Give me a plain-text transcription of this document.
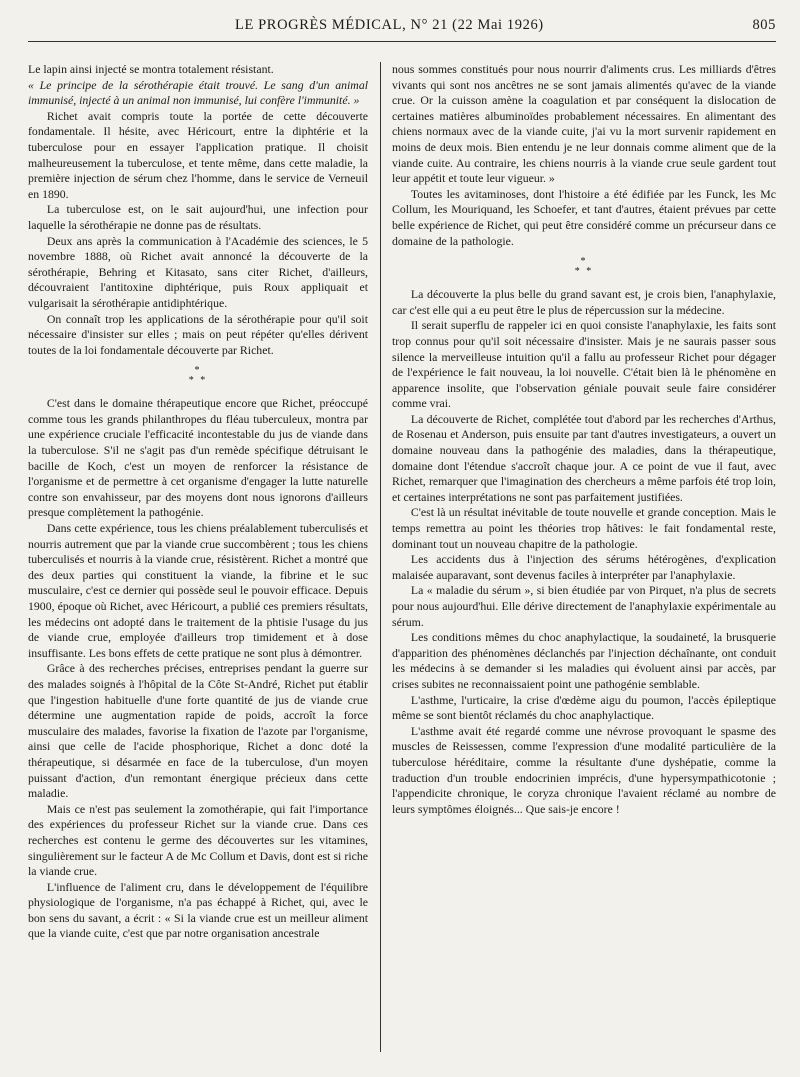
LE PROGRÈS MÉDICAL, N° 21 (22 Mai 1926)	805

Le lapin ainsi injecté se montra totalement résistant.

« Le principe de la sérothérapie était trouvé. Le sang d'un animal immunisé, injecté à un animal non immunisé, lui confère l'immunité. »

Richet avait compris toute la portée de cette découverte fondamentale. Il hésite, avec Héricourt, entre la diphtérie et la tuberculose pour en essayer l'application pratique. Il choisit malheureusement la tuberculose, et tente même, dans cette maladie, la première injection de sérum chez l'homme, dans le service de Verneuil en 1890.

La tuberculose est, on le sait aujourd'hui, une infection pour laquelle la sérothérapie ne donne pas de résultats.

Deux ans après la communication à l'Académie des sciences, le 5 novembre 1888, où Richet avait annoncé la découverte de la sérothérapie, Behring et Kitasato, sans citer Richet, d'ailleurs, découvraient l'antitoxine diphtérique, puis Roux appliquait et vulgarisait la sérothérapie antidiphtérique.

On connaît trop les applications de la sérothérapie pour qu'il soit nécessaire d'insister sur elles ; mais on peut répéter qu'elles dérivent toutes de la loi fondamentale découverte par Richet.

*
* *

C'est dans le domaine thérapeutique encore que Richet, préoccupé comme tous les grands philanthropes du fléau tuberculeux, montra par une expérience cruciale l'efficacité incontestable du jus de viande dans la tuberculose. S'il ne s'agit pas d'un remède spécifique détruisant le bacille de Koch, c'est un moyen de renforcer la résistance de l'organisme et de permettre à cet organisme d'engager la lutte naturelle contre son envahisseur, par des moyens dont nous ignorons d'ailleurs presque complètement la pathogénie.

Dans cette expérience, tous les chiens préalablement tuberculisés et nourris autrement que par la viande crue succombèrent ; tous les chiens tuberculisés et nourris à la viande crue, résistèrent. Richet a montré que des deux parties qui constituent la viande, la fibrine et le suc musculaire, c'est ce dernier qui possède seul le pouvoir efficace. Depuis 1900, époque où Richet, avec Héricourt, a publié ces premiers résultats, les médecins ont adopté dans le traitement de la phtisie l'usage du jus de viande crue, employée d'ailleurs trop timidement et à dose insuffisante. Les bons effets de cette pratique ne sont plus à démontrer.

Grâce à des recherches précises, entreprises pendant la guerre sur des malades soignés à l'hôpital de la Côte St-André, Richet put établir que l'ingestion habituelle d'une forte quantité de jus de viande crue détermine une augmentation rapide de poids, accroît la force musculaire des malades, favorise la fixation de l'azote par l'organisme, ainsi que celle de l'acide phosphorique, Richet a donc doté la thérapeutique, si désarmée en face de la tuberculose, d'un moyen puissant d'action, d'un remontant énergique précieux dans cette maladie.

Mais ce n'est pas seulement la zomothérapie, qui fait l'importance des expériences du professeur Richet sur la viande crue. Dans ces recherches est contenu le germe des découvertes sur les vitamines, singulièrement sur le facteur A de Mc Collum et Davis, dont est si riche la viande crue.

L'influence de l'aliment cru, dans le développement de l'équilibre physiologique de l'organisme, n'a pas échappé à Richet, qui, avec le bon sens du savant, a écrit : « Si la viande crue est un meilleur aliment que la viande cuite, c'est que par notre organisation ancestrale

nous sommes constitués pour nous nourrir d'aliments crus. Les milliards d'êtres vivants qui sont nos ancêtres ne se sont jamais alimentés qu'avec de la viande crue. Or la cuisson amène la coagulation et par conséquent la dislocation de certaines matières albuminoïdes probablement nécessaires. En alimentant des chiens normaux avec de la viande cuite, j'ai vu la mort survenir rapidement en moins de deux mois. Bien entendu je ne leur donnais comme aliment que de la viande cuite. Au contraire, les chiens nourris à la viande crue seule gardent tout leur appétit et toute leur vigueur. »

Toutes les avitaminoses, dont l'histoire a été édifiée par les Funck, les Mc Collum, les Mouriquand, les Schoefer, et tant d'autres, étaient prévues par cette belle expérience de Richet, qui peut être considéré comme un précurseur dans ce domaine de la pathologie.

*
* *

La découverte la plus belle du grand savant est, je crois bien, l'anaphylaxie, car c'est elle qui a eu peut être le plus de répercussion sur la médecine.

Il serait superflu de rappeler ici en quoi consiste l'anaphylaxie, les faits sont trop connus pour qu'il soit nécessaire d'insister. Mais je ne saurais passer sous silence la merveilleuse intuition qu'il a fallu au professeur Richet pour dégager de l'expérience le fait nouveau, la loi nouvelle. C'était bien là le phénomène en apparence insolite, que l'observation géniale pouvait seule faire considérer comme vrai.

La découverte de Richet, complétée tout d'abord par les recherches d'Arthus, de Rosenau et Anderson, puis ensuite par tant d'autres investigateurs, a ouvert un domaine nouveau dans la pathogénie des maladies, dans la thérapeutique, domaine dont l'étendue s'accroît chaque jour. A ce point de vue il faut, avec Richet, remarquer que l'imagination des chercheurs a même parfois été trop loin, et certaines interprétations ne sont pas parfaitement justifiées.

C'est là un résultat inévitable de toute nouvelle et grande conception. Mais le temps remettra au point les théories trop hâtives: le fait fondamental reste, dominant tout un nouveau chapitre de la pathologie.

Les accidents dus à l'injection des sérums hétérogènes, d'explication malaisée auparavant, sont devenus faciles à interpréter par l'anaphylaxie.

La « maladie du sérum », si bien étudiée par von Pirquet, n'a plus de secrets pour nous aujourd'hui. Elle dérive directement de l'anaphylaxie expérimentale au sérum.

Les conditions mêmes du choc anaphylactique, la soudaineté, la brusquerie d'apparition des phénomènes déclanchés par l'injection déchaînante, ont conduit les médecins à se demander si les maladies qui évoluent ainsi par accès, par crises subites ne reconnaissaient point une pathogénie semblable.

L'asthme, l'urticaire, la crise d'œdème aigu du poumon, l'accès épileptique même se sont bientôt réclamés du choc anaphylactique.

L'asthme avait été regardé comme une névrose provoquant le spasme des muscles de Reissessen, comme l'expression d'une modalité particulière de la tuberculose héréditaire, comme la résultante d'une dyshépatie, comme la traduction d'un trouble endocrinien imprécis, d'une hypersympathicotonie ; l'appendicite chronique, le coryza chronique l'avaient réclamé au nombre de leurs symptômes éloignés... Que sais-je encore !
